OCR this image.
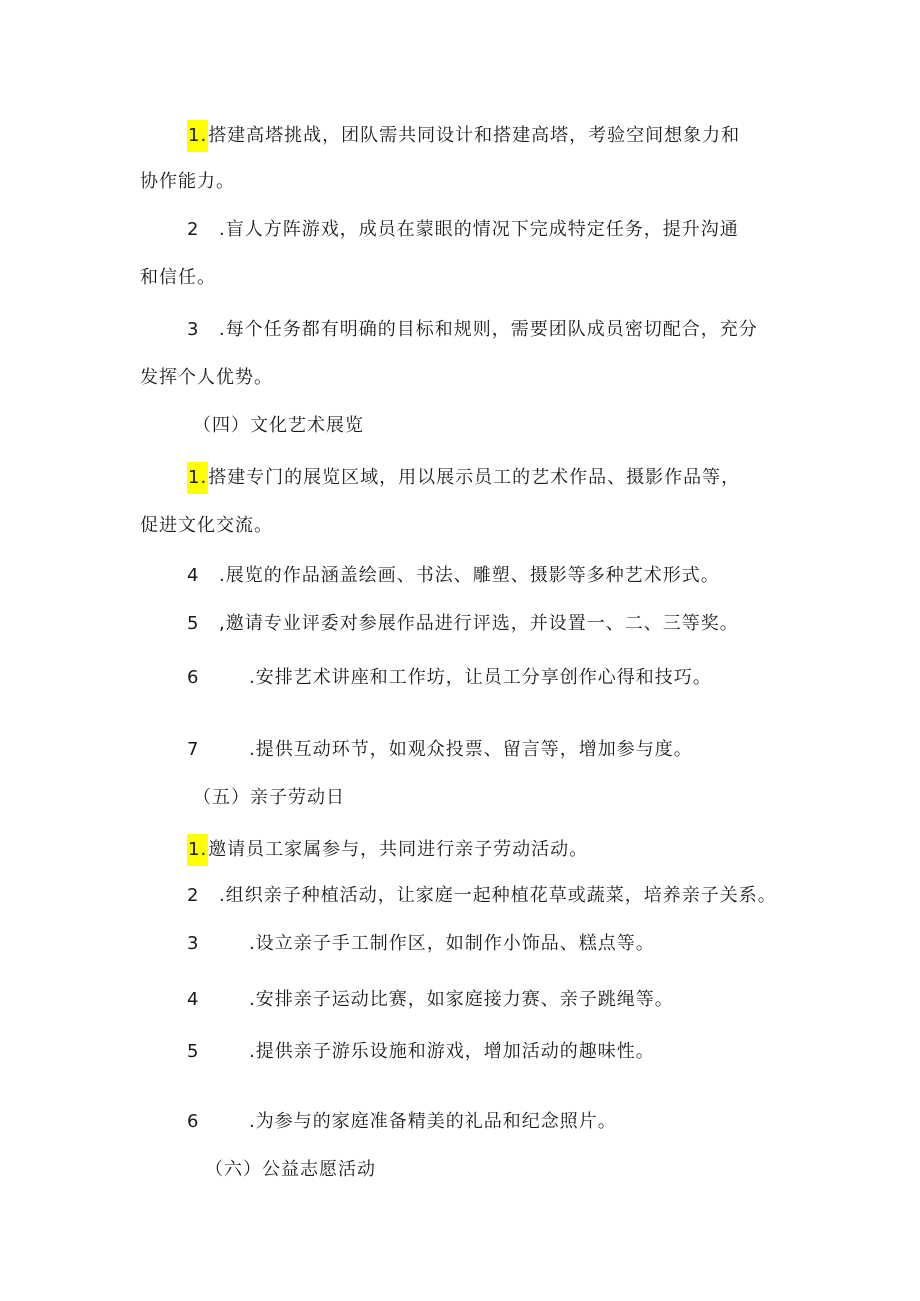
1.搭建高塔挑战，团队需共同设计和搭建高塔，考验空间想象力和
协作能力。
2 .盲人方阵游戏，成员在蒙眼的情况下完成特定任务，提升沟通
和信任。
3 .每个任务都有明确的目标和规则，需要团队成员密切配合，充分
发挥个人优势。
（四）文化艺术展览
1.搭建专门的展览区域，用以展示员工的艺术作品、摄影作品等，
促进文化交流。
4 .展览的作品涵盖绘画、书法、雕塑、摄影等多种艺术形式。
5 ,邀请专业评委对参展作品进行评选，并设置一、二、三等奖。
6	.安排艺术讲座和工作坊，让员工分享创作心得和技巧。
7	.提供互动环节，如观众投票、留言等，增加参与度。
（五）亲子劳动日
1.邀请员工家属参与，共同进行亲子劳动活动。
2 .组织亲子种植活动，让家庭一起种植花草或蔬菜，培养亲子关系。
3	.设立亲子手工制作区，如制作小饰品、糕点等。
4	.安排亲子运动比赛，如家庭接力赛、亲子跳绳等。
5	.提供亲子游乐设施和游戏，增加活动的趣味性。
6	.为参与的家庭准备精美的礼品和纪念照片。
（六）公益志愿活动
